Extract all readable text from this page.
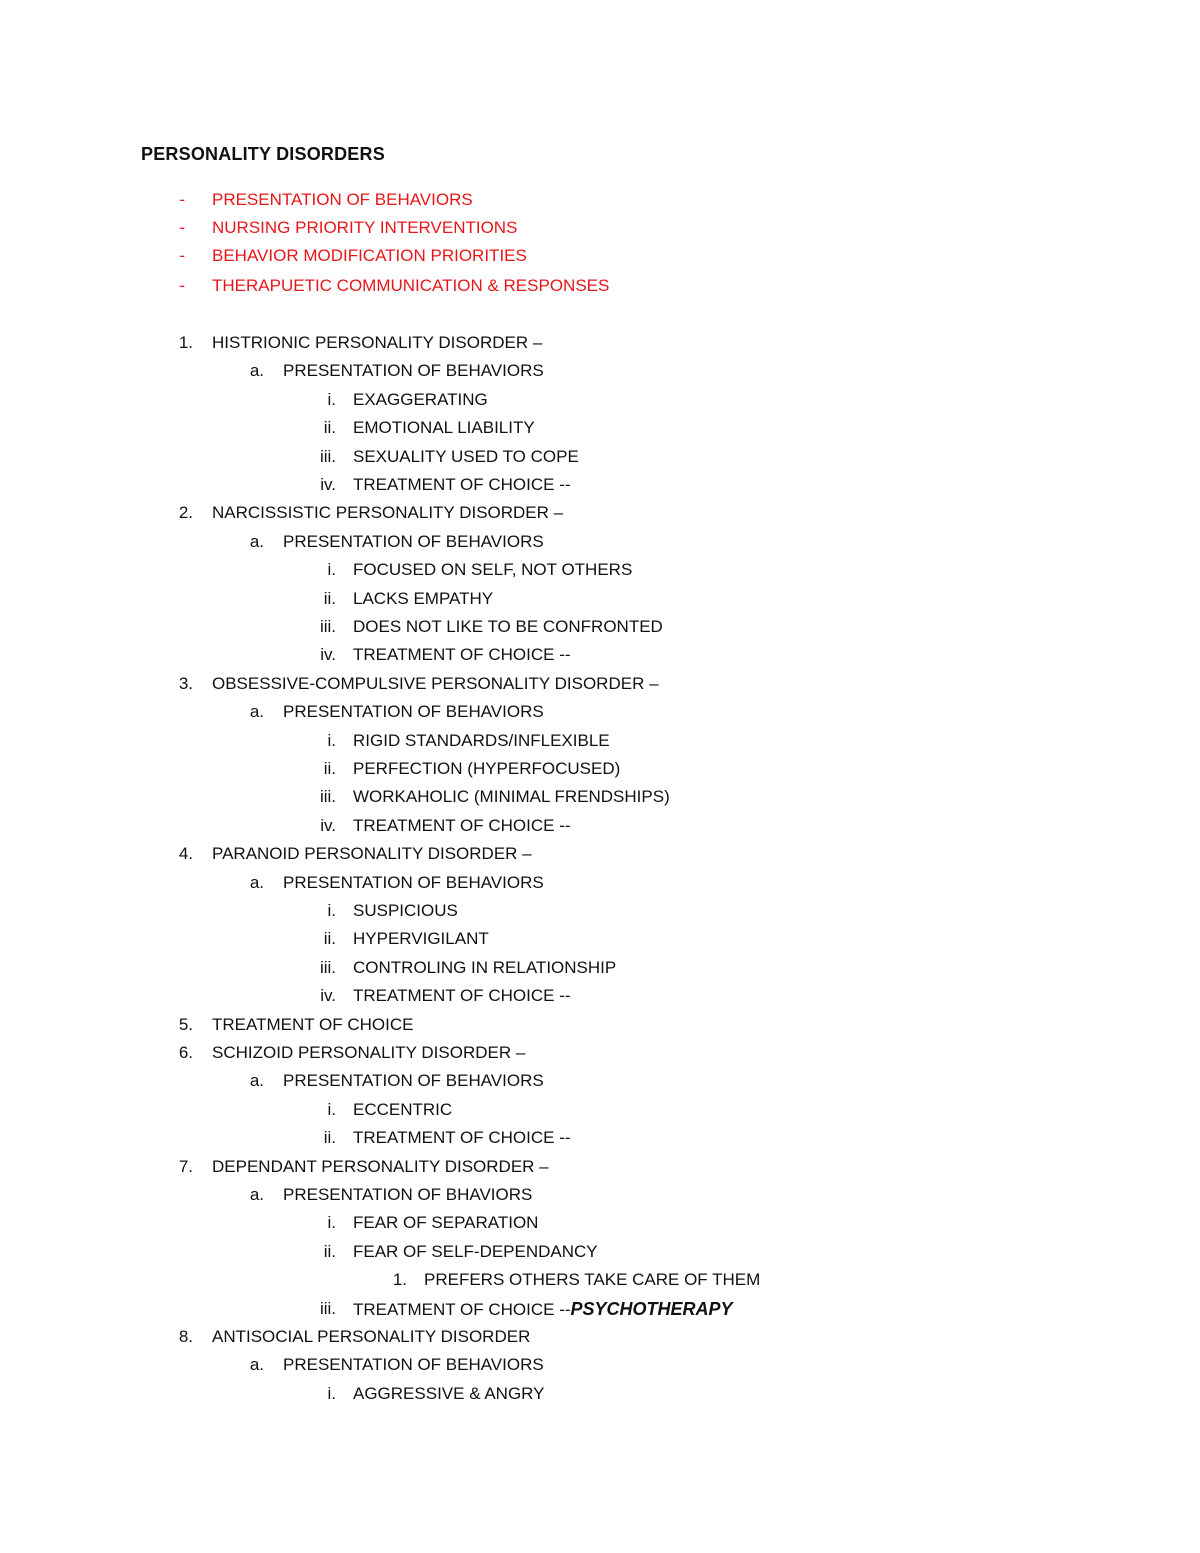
PERSONALITY DISORDERS
- PRESENTATION OF BEHAVIORS
- NURSING PRIORITY INTERVENTIONS
- BEHAVIOR MODIFICATION PRIORITIES
- THERAPUETIC COMMUNICATION & RESPONSES
1. HISTRIONIC PERSONALITY DISORDER –
a. PRESENTATION OF BEHAVIORS
i. EXAGGERATING
ii. EMOTIONAL LIABILITY
iii. SEXUALITY USED TO COPE
iv. TREATMENT OF CHOICE --
2. NARCISSISTIC PERSONALITY DISORDER –
a. PRESENTATION OF BEHAVIORS
i. FOCUSED ON SELF, NOT OTHERS
ii. LACKS EMPATHY
iii. DOES NOT LIKE TO BE CONFRONTED
iv. TREATMENT OF CHOICE --
3. OBSESSIVE-COMPULSIVE PERSONALITY DISORDER –
a. PRESENTATION OF BEHAVIORS
i. RIGID STANDARDS/INFLEXIBLE
ii. PERFECTION (HYPERFOCUSED)
iii. WORKAHOLIC (MINIMAL FRENDSHIPS)
iv. TREATMENT OF CHOICE --
4. PARANOID PERSONALITY DISORDER –
a. PRESENTATION OF BEHAVIORS
i. SUSPICIOUS
ii. HYPERVIGILANT
iii. CONTROLING IN RELATIONSHIP
iv. TREATMENT OF CHOICE --
5. TREATMENT OF CHOICE
6. SCHIZOID PERSONALITY DISORDER –
a. PRESENTATION OF BEHAVIORS
i. ECCENTRIC
ii. TREATMENT OF CHOICE --
7. DEPENDANT PERSONALITY DISORDER –
a. PRESENTATION OF BHAVIORS
i. FEAR OF SEPARATION
ii. FEAR OF SELF-DEPENDANCY
1. PREFERS OTHERS TAKE CARE OF THEM
iii. TREATMENT OF CHOICE --PSYCHOTHERAPY
8. ANTISOCIAL PERSONALITY DISORDER
a. PRESENTATION OF BEHAVIORS
i. AGGRESSIVE & ANGRY
